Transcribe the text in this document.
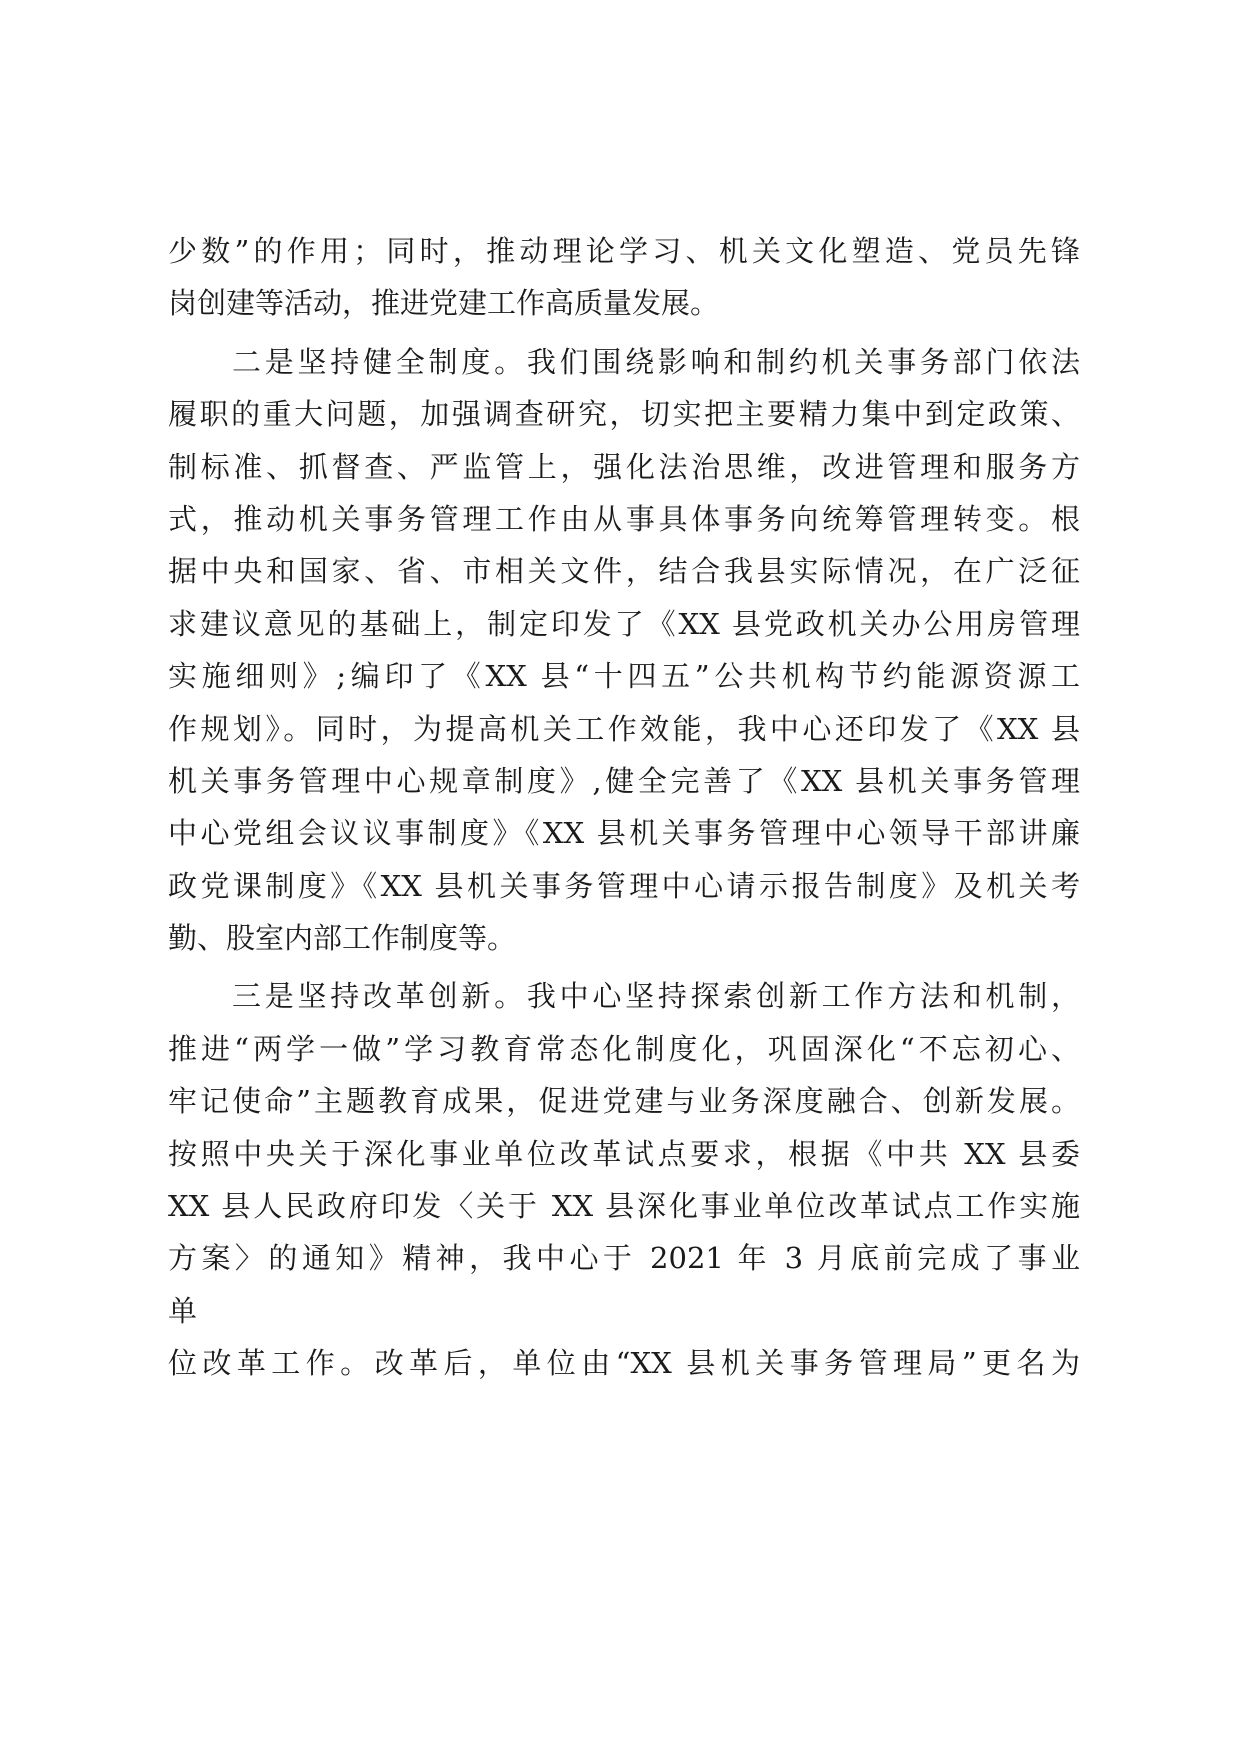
少数”的作用；同时，推动理论学习、机关文化塑造、党员先锋
岗创建等活动，推进党建工作高质量发展。
二是坚持健全制度。我们围绕影响和制约机关事务部门依法
履职的重大问题，加强调查研究，切实把主要精力集中到定政策、
制标准、抓督查、严监管上，强化法治思维，改进管理和服务方
式，推动机关事务管理工作由从事具体事务向统筹管理转变。根
据中央和国家、省、市相关文件，结合我县实际情况，在广泛征
求建议意见的基础上，制定印发了《XX 县党政机关办公用房管理
实施细则》;编印了《XX 县“十四五”公共机构节约能源资源工
作规划》。同时，为提高机关工作效能，我中心还印发了《XX 县
机关事务管理中心规章制度》,健全完善了《XX 县机关事务管理
中心党组会议议事制度》《XX 县机关事务管理中心领导干部讲廉
政党课制度》《XX 县机关事务管理中心请示报告制度》及机关考
勤、股室内部工作制度等。
三是坚持改革创新。我中心坚持探索创新工作方法和机制，
推进“两学一做”学习教育常态化制度化，巩固深化“不忘初心、
牢记使命”主题教育成果，促进党建与业务深度融合、创新发展。
按照中央关于深化事业单位改革试点要求，根据《中共 XX 县委
XX 县人民政府印发〈关于 XX 县深化事业单位改革试点工作实施
方案〉的通知》精神，我中心于 2021 年 3 月底前完成了事业
单
位改革工作。改革后，单位由“XX 县机关事务管理局”更名为
